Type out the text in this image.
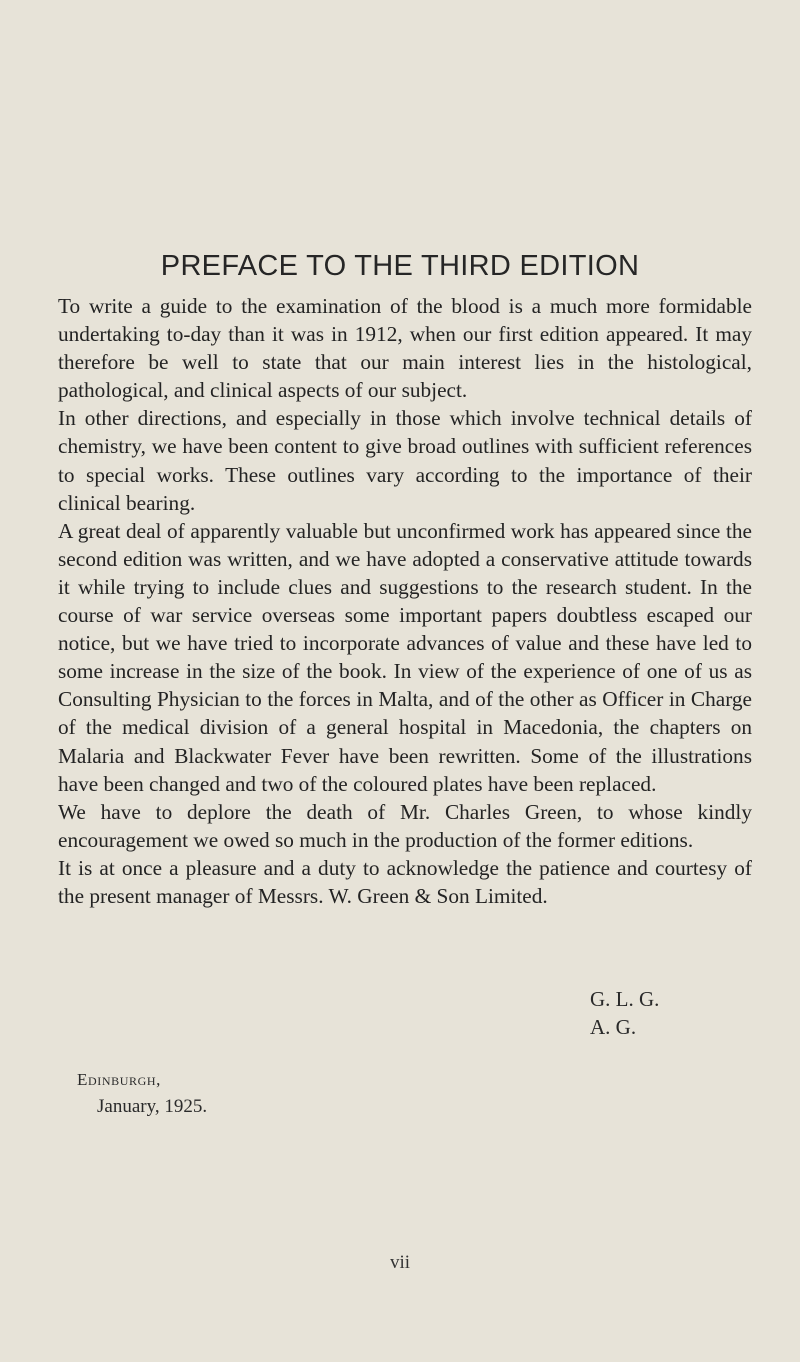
PREFACE TO THE THIRD EDITION

To write a guide to the examination of the blood is a much more formidable undertaking to-day than it was in 1912, when our first edition appeared. It may therefore be well to state that our main interest lies in the histological, pathological, and clinical aspects of our subject.

In other directions, and especially in those which involve technical details of chemistry, we have been content to give broad outlines with sufficient references to special works. These outlines vary according to the importance of their clinical bearing.

A great deal of apparently valuable but unconfirmed work has appeared since the second edition was written, and we have adopted a conservative attitude towards it while trying to include clues and suggestions to the research student. In the course of war service overseas some important papers doubtless escaped our notice, but we have tried to incorporate advances of value and these have led to some increase in the size of the book. In view of the experience of one of us as Consulting Physician to the forces in Malta, and of the other as Officer in Charge of the medical division of a general hospital in Macedonia, the chapters on Malaria and Blackwater Fever have been rewritten. Some of the illustrations have been changed and two of the coloured plates have been replaced.

We have to deplore the death of Mr. Charles Green, to whose kindly encouragement we owed so much in the production of the former editions.

It is at once a pleasure and a duty to acknowledge the patience and courtesy of the present manager of Messrs. W. Green & Son Limited.

G. L. G.
A. G.
Edinburgh,
January, 1925.
vii
